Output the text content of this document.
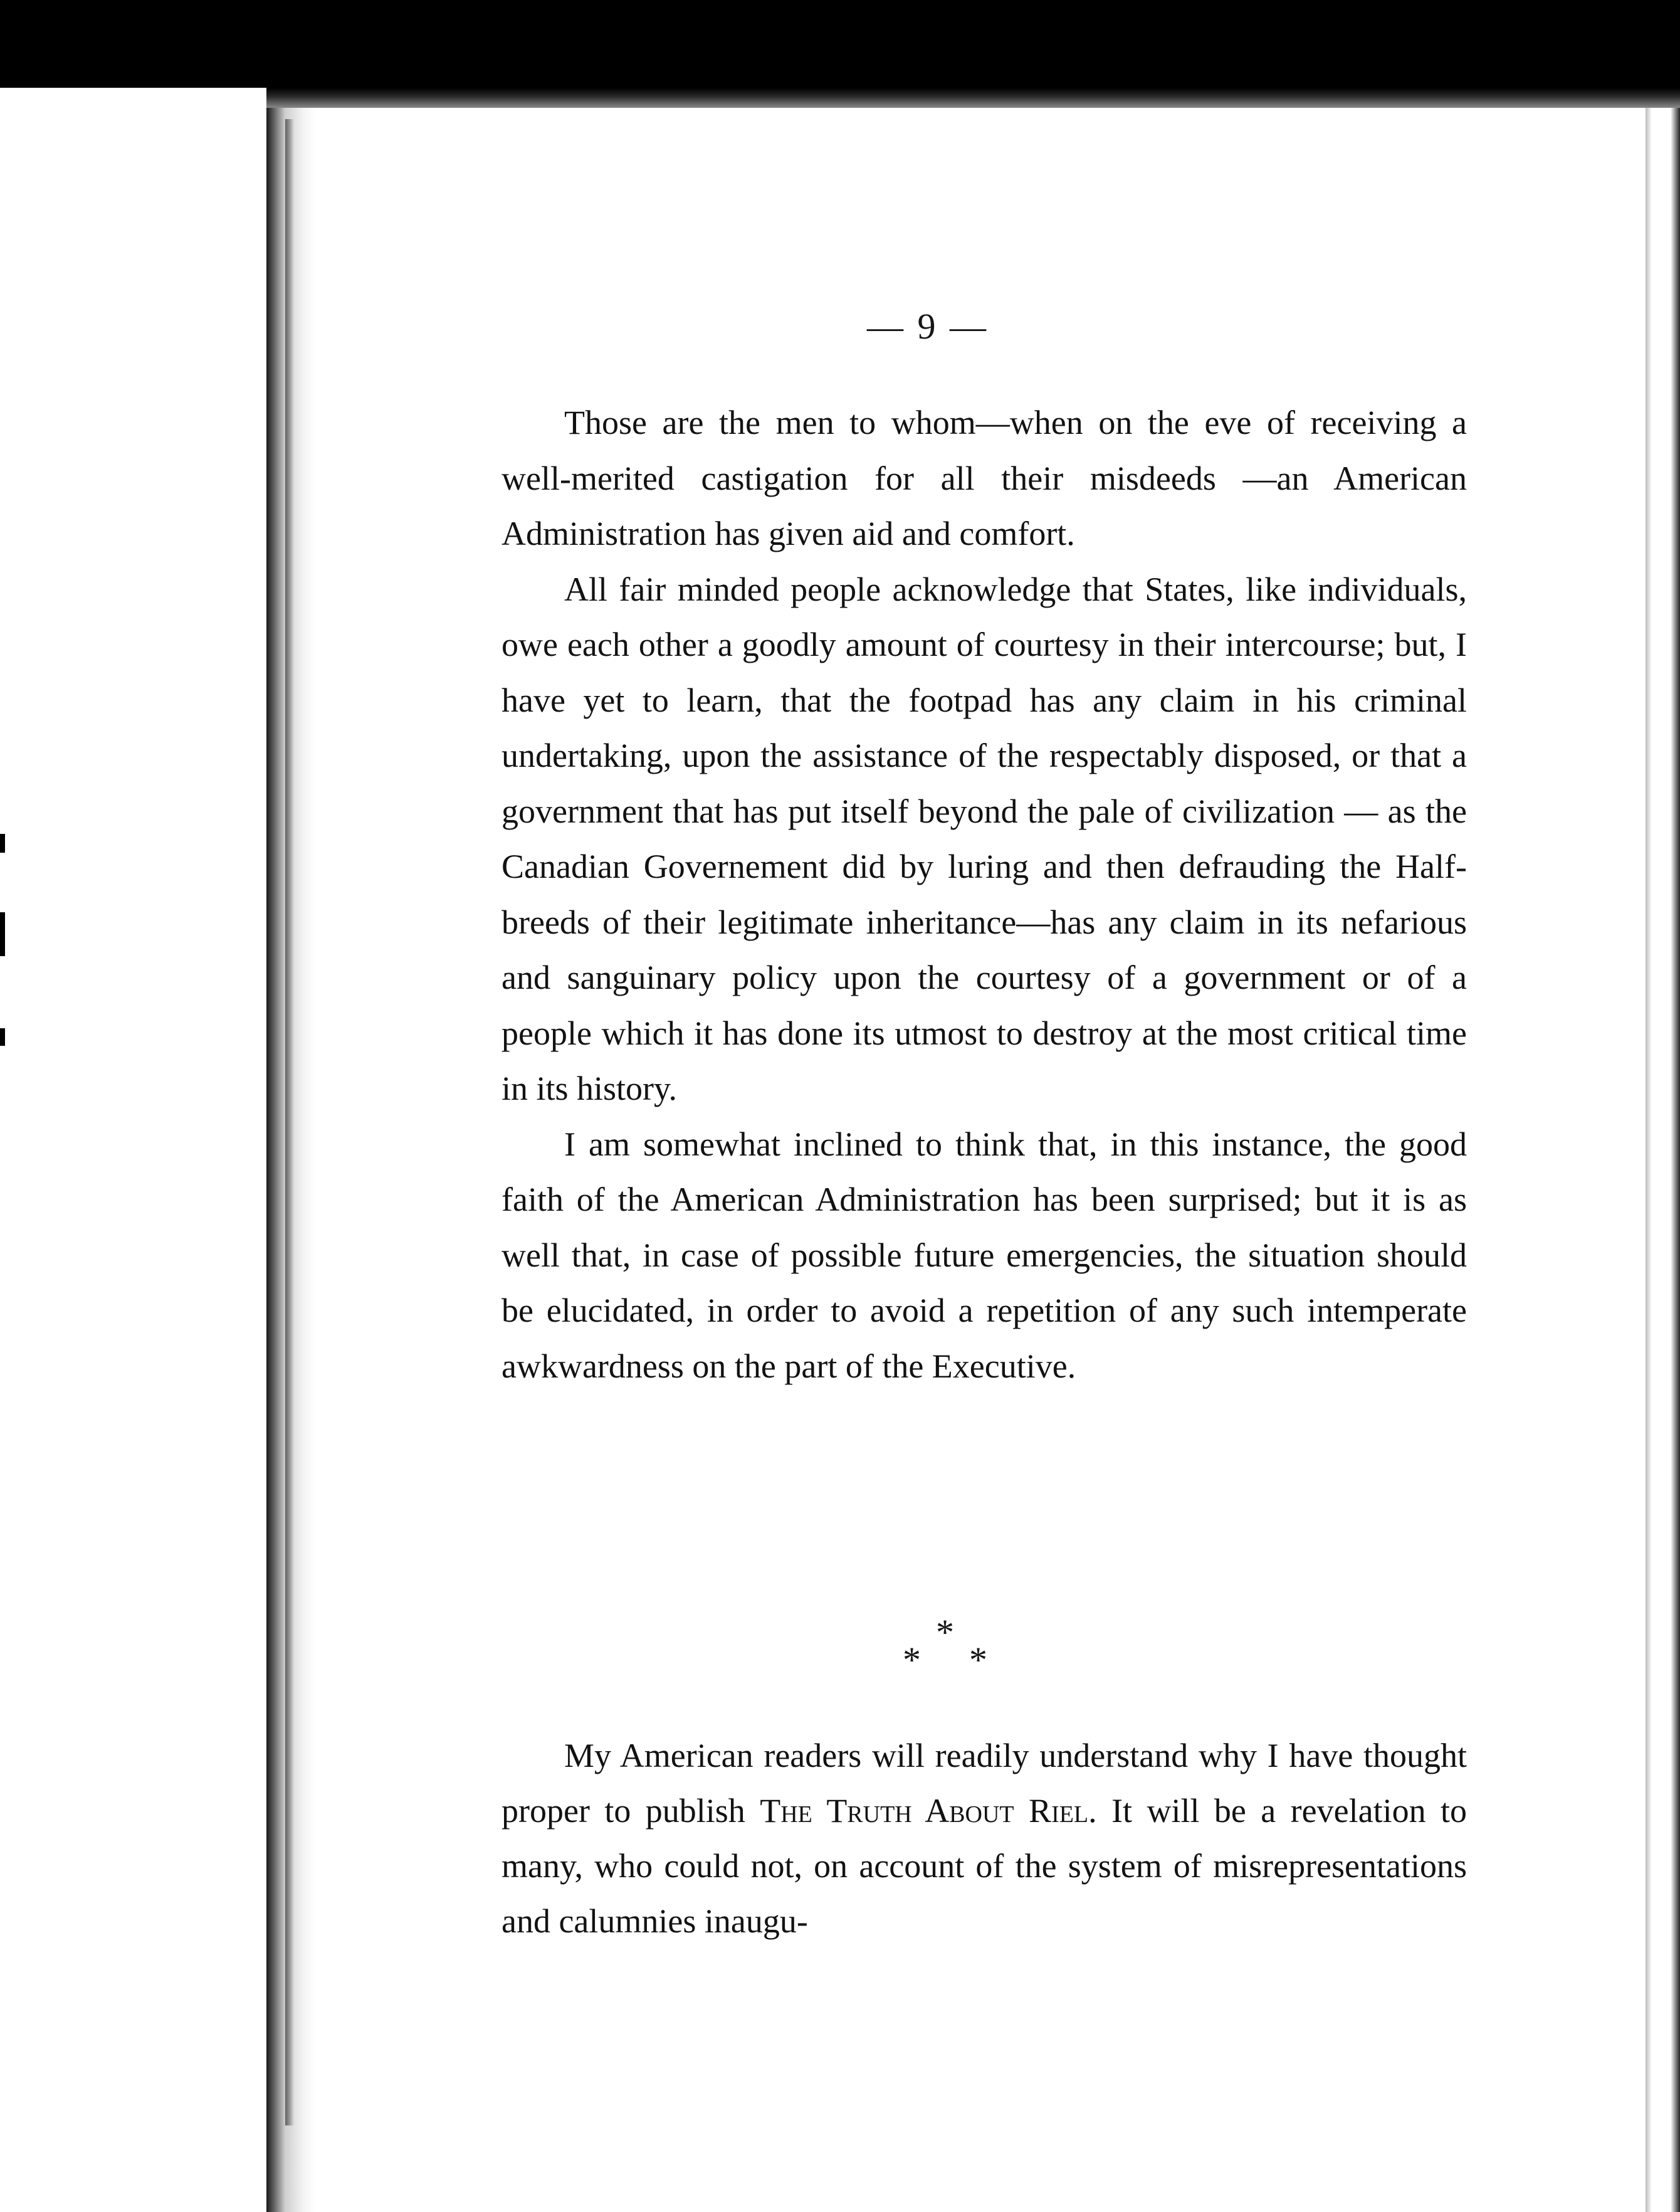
— 9 —

Those are the men to whom—when on the eve of receiving a well-merited castigation for all their misdeeds —an American Administration has given aid and comfort.

All fair minded people acknowledge that States, like individuals, owe each other a goodly amount of courtesy in their intercourse; but, I have yet to learn, that the footpad has any claim in his criminal undertaking, upon the assistance of the respectably disposed, or that a government that has put itself beyond the pale of civilization — as the Canadian Governement did by luring and then defrauding the Half-breeds of their legitimate inheritance—has any claim in its nefarious and sanguinary policy upon the courtesy of a government or of a people which it has done its utmost to destroy at the most critical time in its history.

I am somewhat inclined to think that, in this instance, the good faith of the American Administration has been surprised; but it is as well that, in case of possible future emergencies, the situation should be elucidated, in order to avoid a repetition of any such intemperate awkwardness on the part of the Executive.

*
* *

My American readers will readily understand why I have thought proper to publish The Truth About Riel. It will be a revelation to many, who could not, on account of the system of misrepresentations and calumnies inaugu-
